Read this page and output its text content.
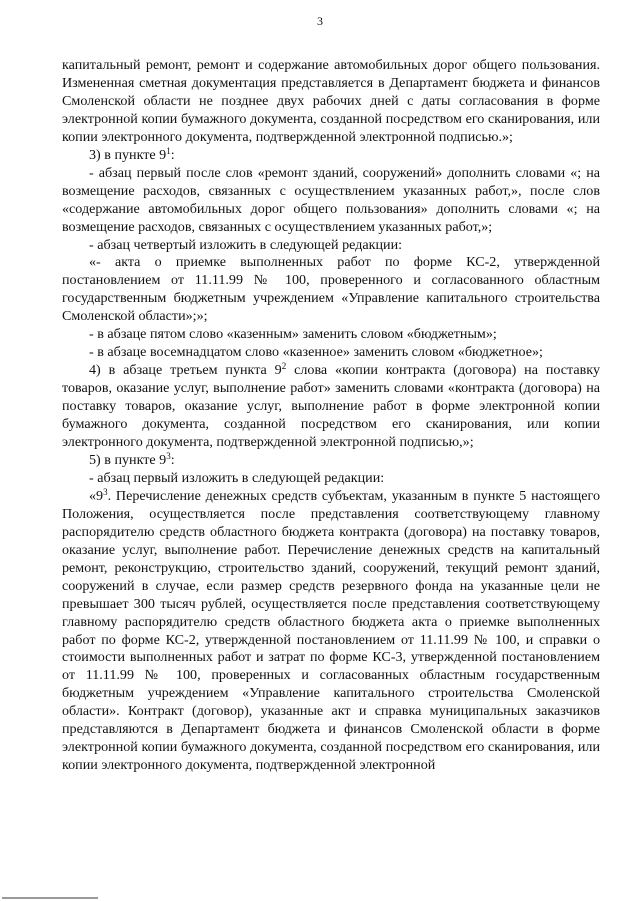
3

капитальный ремонт, ремонт и содержание автомобильных дорог общего пользования. Измененная сметная документация представляется в Департамент бюджета и финансов Смоленской области не позднее двух рабочих дней с даты согласования в форме электронной копии бумажного документа, созданной посредством его сканирования, или копии электронного документа, подтвержденной электронной подписью.»;

3) в пункте $9^1$:

- абзац первый после слов «ремонт зданий, сооружений» дополнить словами «; на возмещение расходов, связанных с осуществлением указанных работ,», после слов «содержание автомобильных дорог общего пользования» дополнить словами «; на возмещение расходов, связанных с осуществлением указанных работ,»;

- абзац четвертый изложить в следующей редакции:

«- акта о приемке выполненных работ по форме КС-2, утвержденной постановлением от 11.11.99 № 100, проверенного и согласованного областным государственным бюджетным учреждением «Управление капитального строительства Смоленской области»;»;

- в абзаце пятом слово «казенным» заменить словом «бюджетным»;

- в абзаце восемнадцатом слово «казенное» заменить словом «бюджетное»;

4) в абзаце третьем пункта $9^2$ слова «копии контракта (договора) на поставку товаров, оказание услуг, выполнение работ» заменить словами «контракта (договора) на поставку товаров, оказание услуг, выполнение работ в форме электронной копии бумажного документа, созданной посредством его сканирования, или копии электронного документа, подтвержденной электронной подписью,»;

5) в пункте $9^3$:

- абзац первый изложить в следующей редакции:

«$9^3$. Перечисление денежных средств субъектам, указанным в пункте 5 настоящего Положения, осуществляется после представления соответствующему главному распорядителю средств областного бюджета контракта (договора) на поставку товаров, оказание услуг, выполнение работ. Перечисление денежных средств на капитальный ремонт, реконструкцию, строительство зданий, сооружений, текущий ремонт зданий, сооружений в случае, если размер средств резервного фонда на указанные цели не превышает 300 тысяч рублей, осуществляется после представления соответствующему главному распорядителю средств областного бюджета акта о приемке выполненных работ по форме КС-2, утвержденной постановлением от 11.11.99 № 100, и справки о стоимости выполненных работ и затрат по форме КС-3, утвержденной постановлением от 11.11.99 № 100, проверенных и согласованных областным государственным бюджетным учреждением «Управление капитального строительства Смоленской области». Контракт (договор), указанные акт и справка муниципальных заказчиков представляются в Департамент бюджета и финансов Смоленской области в форме электронной копии бумажного документа, созданной посредством его сканирования, или копии электронного документа, подтвержденной электронной
